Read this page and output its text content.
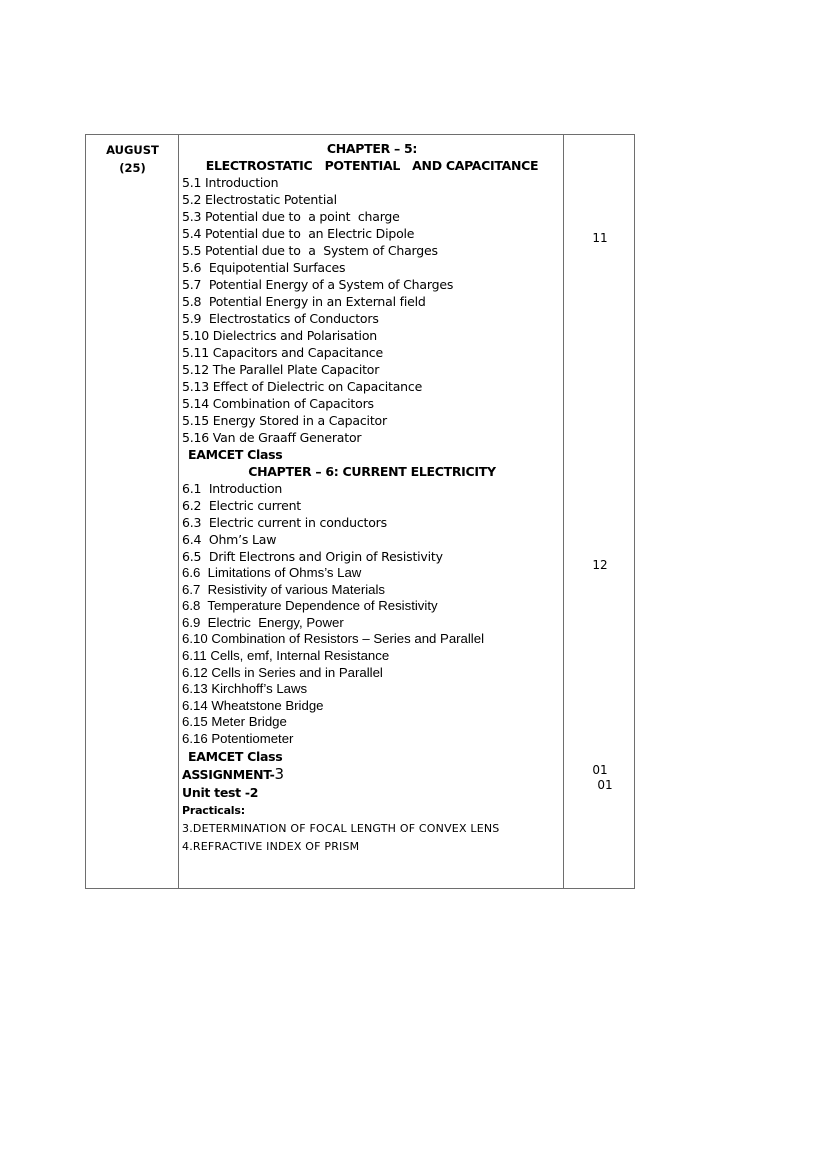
AUGUST
(25)
CHAPTER – 5:
ELECTROSTATIC   POTENTIAL   AND CAPACITANCE
5.1 Introduction
5.2 Electrostatic Potential
5.3 Potential due to  a point  charge
5.4 Potential due to  an Electric Dipole
5.5 Potential due to  a  System of Charges
5.6  Equipotential Surfaces
5.7  Potential Energy of a System of Charges
5.8  Potential Energy in an External field
5.9  Electrostatics of Conductors
5.10 Dielectrics and Polarisation
5.11 Capacitors and Capacitance
5.12 The Parallel Plate Capacitor
5.13 Effect of Dielectric on Capacitance
5.14 Combination of Capacitors
5.15 Energy Stored in a Capacitor
5.16 Van de Graaff Generator
EAMCET Class
CHAPTER – 6: CURRENT ELECTRICITY
6.1  Introduction
6.2  Electric current
6.3  Electric current in conductors
6.4  Ohm’s Law
6.5  Drift Electrons and Origin of Resistivity
6.6  Limitations of Ohms’s Law
6.7  Resistivity of various Materials
6.8  Temperature Dependence of Resistivity
6.9  Electric  Energy, Power
6.10 Combination of Resistors – Series and Parallel
6.11 Cells, emf, Internal Resistance
6.12 Cells in Series and in Parallel
6.13 Kirchhoff’s Laws
6.14 Wheatstone Bridge
6.15 Meter Bridge
6.16 Potentiometer
EAMCET Class
ASSIGNMENT-3
Unit test -2
Practicals:
3.DETERMINATION OF FOCAL LENGTH OF CONVEX LENS
4.REFRACTIVE INDEX OF PRISM
11
12
01
01
